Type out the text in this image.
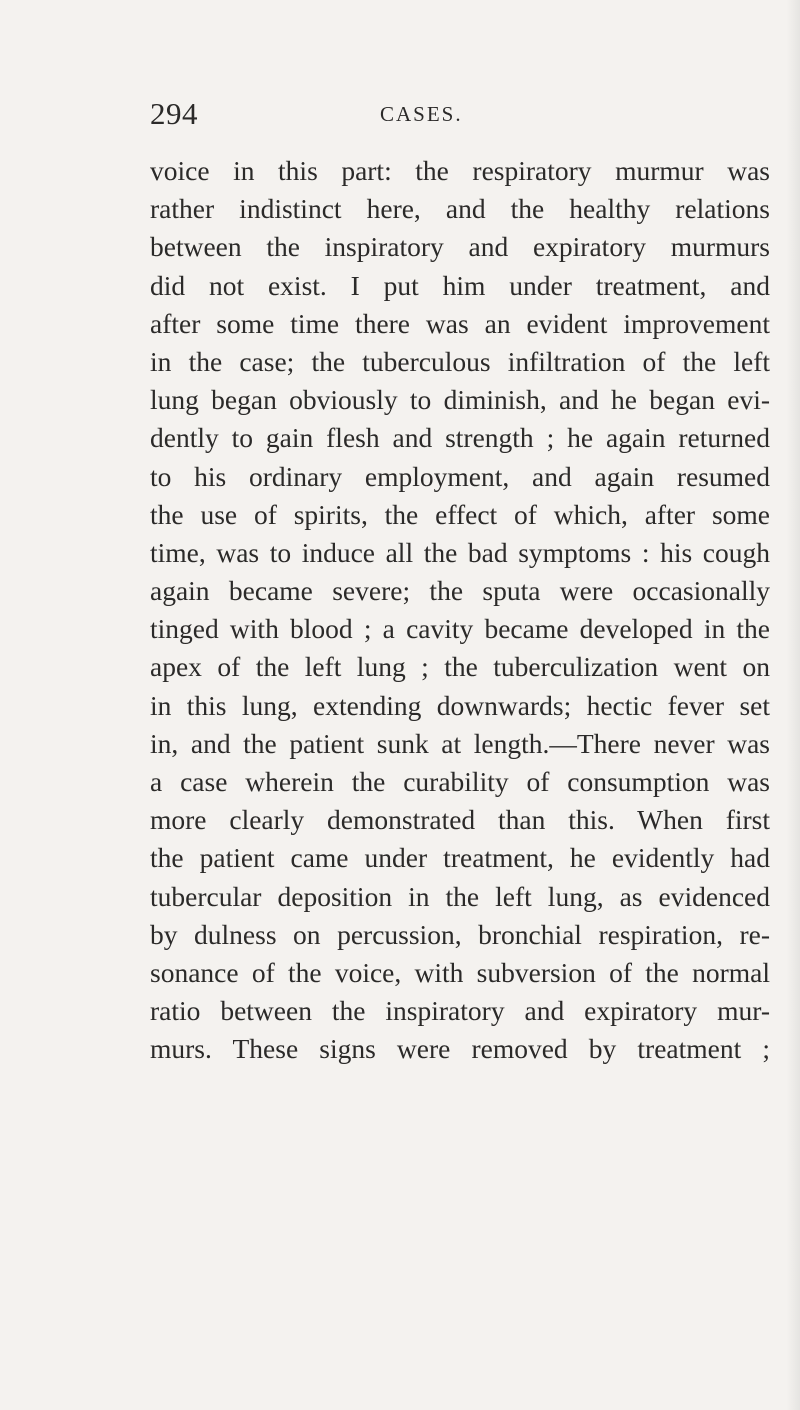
294	CASES.
voice in this part: the respiratory murmur was
rather indistinct here, and the healthy relations
between the inspiratory and expiratory murmurs
did not exist. I put him under treatment, and
after some time there was an evident improvement
in the case; the tuberculous infiltration of the left
lung began obviously to diminish, and he began evi-
dently to gain flesh and strength ; he again returned
to his ordinary employment, and again resumed
the use of spirits, the effect of which, after some
time, was to induce all the bad symptoms : his cough
again became severe; the sputa were occasionally
tinged with blood ; a cavity became developed in the
apex of the left lung ; the tuberculization went on
in this lung, extending downwards; hectic fever set
in, and the patient sunk at length.—There never was
a case wherein the curability of consumption was
more clearly demonstrated than this. When first
the patient came under treatment, he evidently had
tubercular deposition in the left lung, as evidenced
by dulness on percussion, bronchial respiration, re-
sonance of the voice, with subversion of the normal
ratio between the inspiratory and expiratory mur-
murs. These signs were removed by treatment ;
